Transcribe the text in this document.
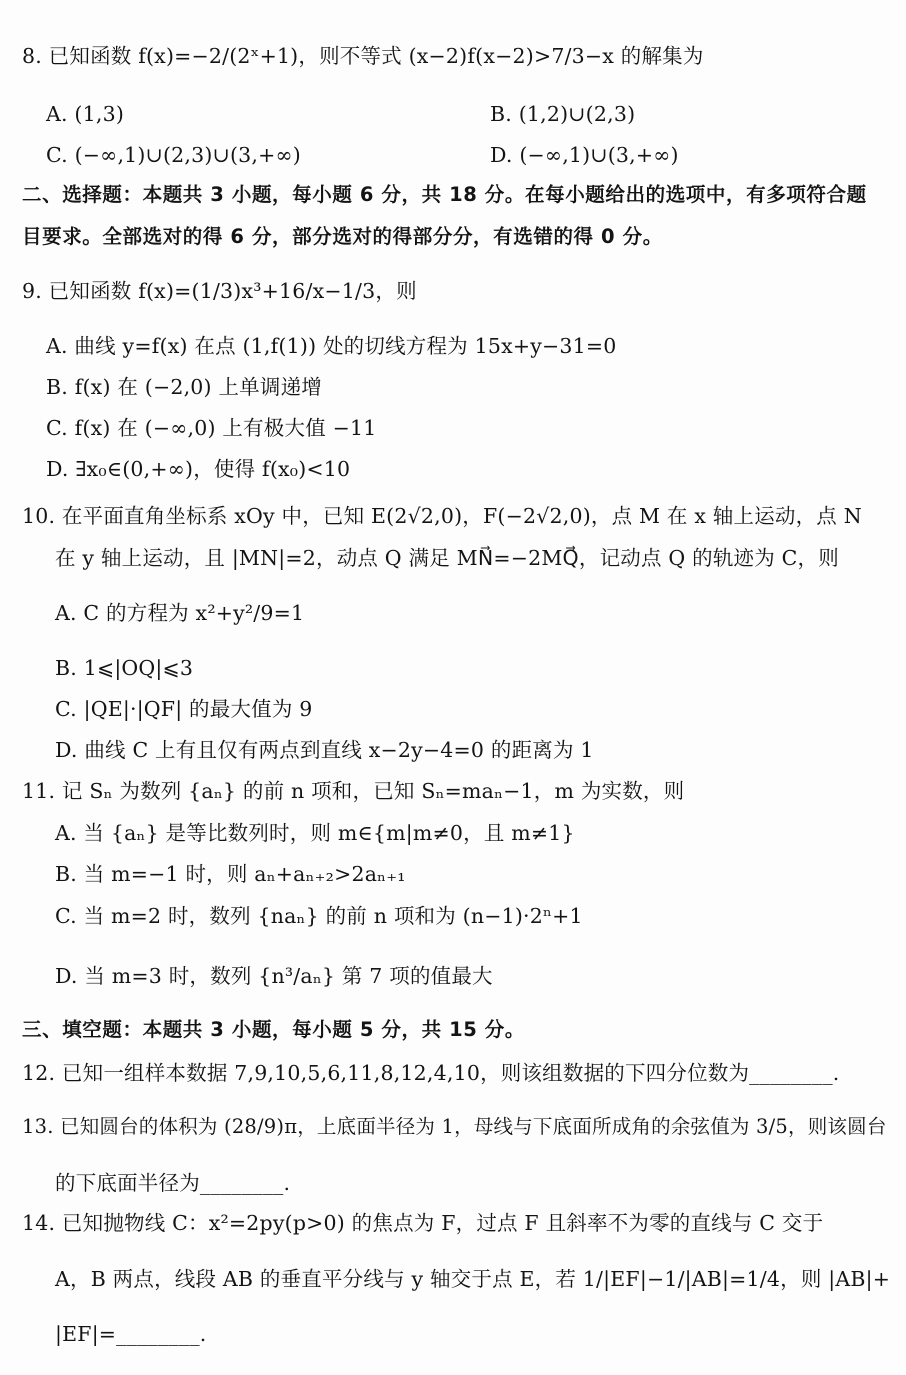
8. 已知函数 f(x)=−2/(2ˣ+1)，则不等式 (x−2)f(x−2)>7/3−x 的解集为
A. (1,3)	B. (1,2)∪(2,3)
C. (−∞,1)∪(2,3)∪(3,+∞)	D. (−∞,1)∪(3,+∞)
二、选择题：本题共 3 小题，每小题 6 分，共 18 分。在每小题给出的选项中，有多项符合题
目要求。全部选对的得 6 分，部分选对的得部分分，有选错的得 0 分。
9. 已知函数 f(x)=(1/3)x³+16/x−1/3，则
A. 曲线 y=f(x) 在点 (1,f(1)) 处的切线方程为 15x+y−31=0
B. f(x) 在 (−2,0) 上单调递增
C. f(x) 在 (−∞,0) 上有极大值 −11
D. ∃x₀∈(0,+∞)，使得 f(x₀)<10
10. 在平面直角坐标系 xOy 中，已知 E(2√2,0)，F(−2√2,0)，点 M 在 x 轴上运动，点 N
在 y 轴上运动，且 |MN|=2，动点 Q 满足 MN⃗=−2MQ⃗，记动点 Q 的轨迹为 C，则
A. C 的方程为 x²+y²/9=1
B. 1⩽|OQ|⩽3
C. |QE|·|QF| 的最大值为 9
D. 曲线 C 上有且仅有两点到直线 x−2y−4=0 的距离为 1
11. 记 Sₙ 为数列 {aₙ} 的前 n 项和，已知 Sₙ=maₙ−1，m 为实数，则
A. 当 {aₙ} 是等比数列时，则 m∈{m|m≠0，且 m≠1}
B. 当 m=−1 时，则 aₙ+aₙ₊₂>2aₙ₊₁
C. 当 m=2 时，数列 {naₙ} 的前 n 项和为 (n−1)·2ⁿ+1
D. 当 m=3 时，数列 {n³/aₙ} 第 7 项的值最大
三、填空题：本题共 3 小题，每小题 5 分，共 15 分。
12. 已知一组样本数据 7,9,10,5,6,11,8,12,4,10，则该组数据的下四分位数为________.
13. 已知圆台的体积为 (28/9)π，上底面半径为 1，母线与下底面所成角的余弦值为 3/5，则该圆台
的下底面半径为________.
14. 已知抛物线 C：x²=2py(p>0) 的焦点为 F，过点 F 且斜率不为零的直线与 C 交于
A，B 两点，线段 AB 的垂直平分线与 y 轴交于点 E，若 1/|EF|−1/|AB|=1/4，则 |AB|+
|EF|=________.
